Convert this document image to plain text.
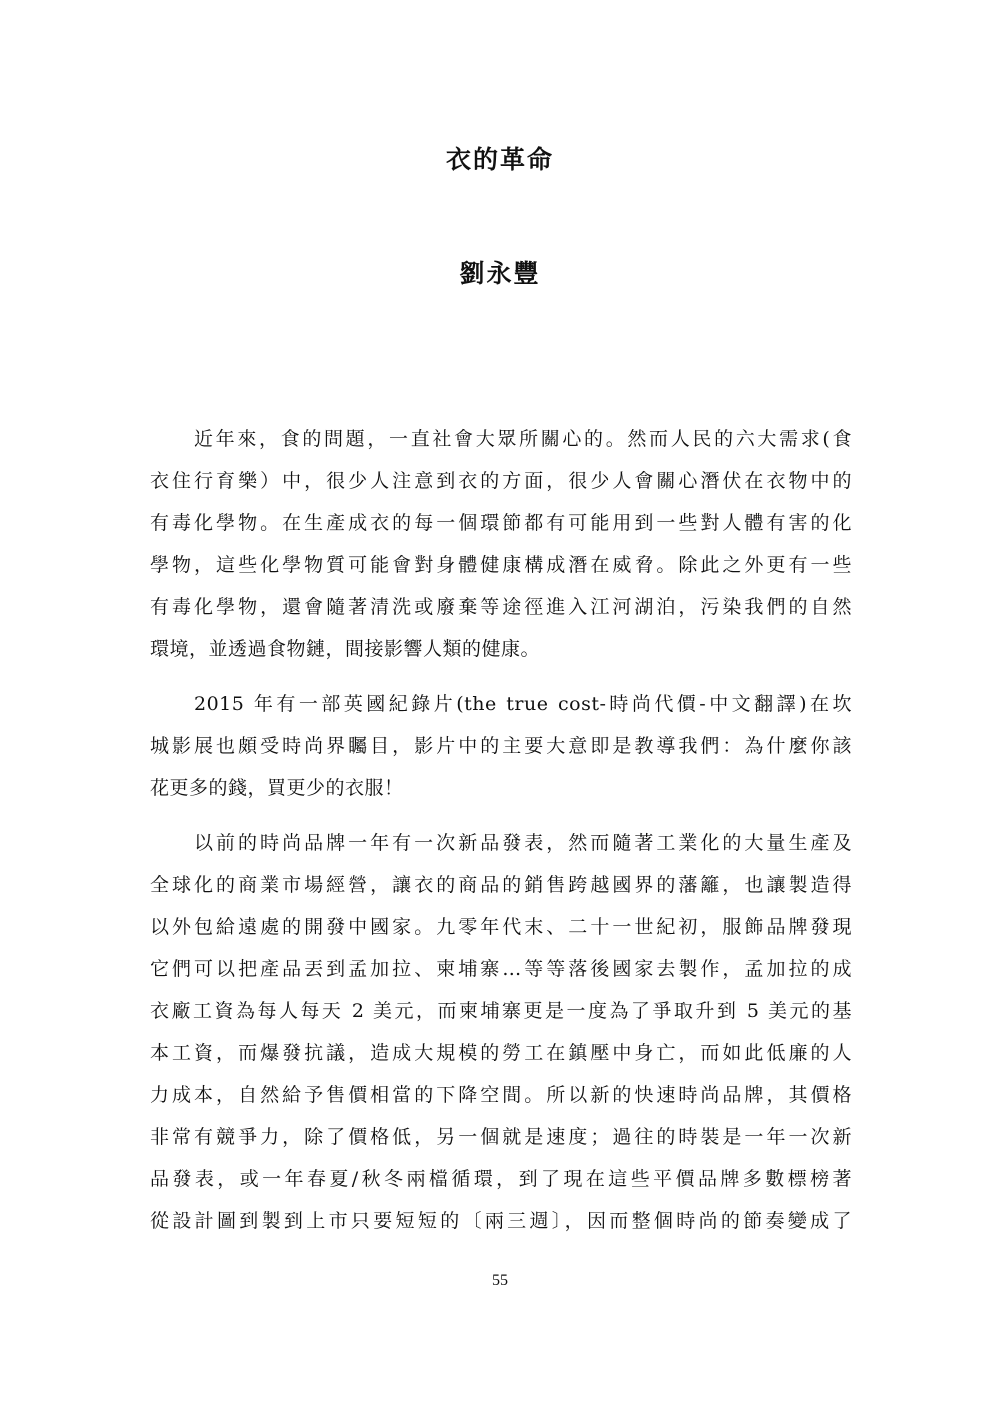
衣的革命
劉永豐
近年來，食的問題，一直社會大眾所關心的。然而人民的六大需求(食
衣住行育樂）中，很少人注意到衣的方面，很少人會關心潛伏在衣物中的
有毒化學物。在生產成衣的每一個環節都有可能用到一些對人體有害的化
學物，這些化學物質可能會對身體健康構成潛在威脅。除此之外更有一些
有毒化學物，還會隨著清洗或廢棄等途徑進入江河湖泊，污染我們的自然
環境，並透過食物鏈，間接影響人類的健康。
2015 年有一部英國紀錄片(the true cost-時尚代價-中文翻譯)在坎
城影展也頗受時尚界矚目，影片中的主要大意即是教導我們：為什麼你該
花更多的錢，買更少的衣服！
以前的時尚品牌一年有一次新品發表，然而隨著工業化的大量生產及
全球化的商業市場經營，讓衣的商品的銷售跨越國界的藩籬，也讓製造得
以外包給遠處的開發中國家。九零年代末、二十一世紀初，服飾品牌發現
它們可以把產品丟到孟加拉、柬埔寨…等等落後國家去製作，孟加拉的成
衣廠工資為每人每天 2 美元，而柬埔寨更是一度為了爭取升到 5 美元的基
本工資，而爆發抗議，造成大規模的勞工在鎮壓中身亡，而如此低廉的人
力成本，自然給予售價相當的下降空間。所以新的快速時尚品牌，其價格
非常有競爭力，除了價格低，另一個就是速度；過往的時裝是一年一次新
品發表，或一年春夏/秋冬兩檔循環，到了現在這些平價品牌多數標榜著
從設計圖到製到上市只要短短的〔兩三週〕，因而整個時尚的節奏變成了
55
